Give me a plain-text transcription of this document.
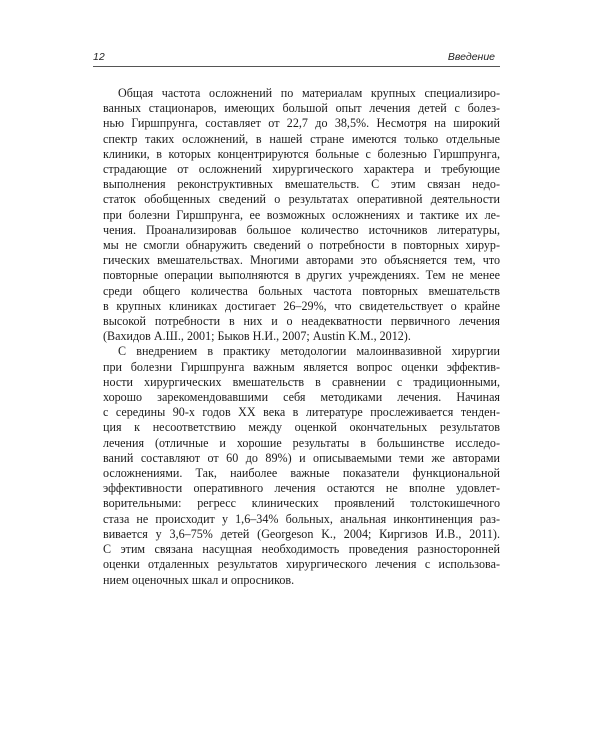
12	Введение

Общая частота осложнений по материалам крупных специализиро-
ванных стационаров, имеющих большой опыт лечения детей с болез-
нью Гиршпрунга, составляет от 22,7 до 38,5%. Несмотря на широкий
спектр таких осложнений, в нашей стране имеются только отдельные
клиники, в которых концентрируются больные с болезнью Гиршпрунга,
страдающие от осложнений хирургического характера и требующие
выполнения реконструктивных вмешательств. С этим связан недо-
статок обобщенных сведений о результатах оперативной деятельности
при болезни Гиршпрунга, ее возможных осложнениях и тактике их ле-
чения. Проанализировав большое количество источников литературы,
мы не смогли обнаружить сведений о потребности в повторных хирур-
гических вмешательствах. Многими авторами это объясняется тем, что
повторные операции выполняются в других учреждениях. Тем не менее
среди общего количества больных частота повторных вмешательств
в крупных клиниках достигает 26–29%, что свидетельствует о крайне
высокой потребности в них и о неадекватности первичного лечения
(Вахидов А.Ш., 2001; Быков Н.И., 2007; Austin K.M., 2012).

С внедрением в практику методологии малоинвазивной хирургии
при болезни Гиршпрунга важным является вопрос оценки эффектив-
ности хирургических вмешательств в сравнении с традиционными,
хорошо зарекомендовавшими себя методиками лечения. Начиная
с середины 90-х годов XX века в литературе прослеживается тенден-
ция к несоответствию между оценкой окончательных результатов
лечения (отличные и хорошие результаты в большинстве исследо-
ваний составляют от 60 до 89%) и описываемыми теми же авторами
осложнениями. Так, наиболее важные показатели функциональной
эффективности оперативного лечения остаются не вполне удовлет-
ворительными: регресс клинических проявлений толстокишечного
стаза не происходит у 1,6–34% больных, анальная инконтиненция раз-
вивается у 3,6–75% детей (Georgeson K., 2004; Киргизов И.В., 2011).
С этим связана насущная необходимость проведения разносторонней
оценки отдаленных результатов хирургического лечения с использова-
нием оценочных шкал и опросников.
